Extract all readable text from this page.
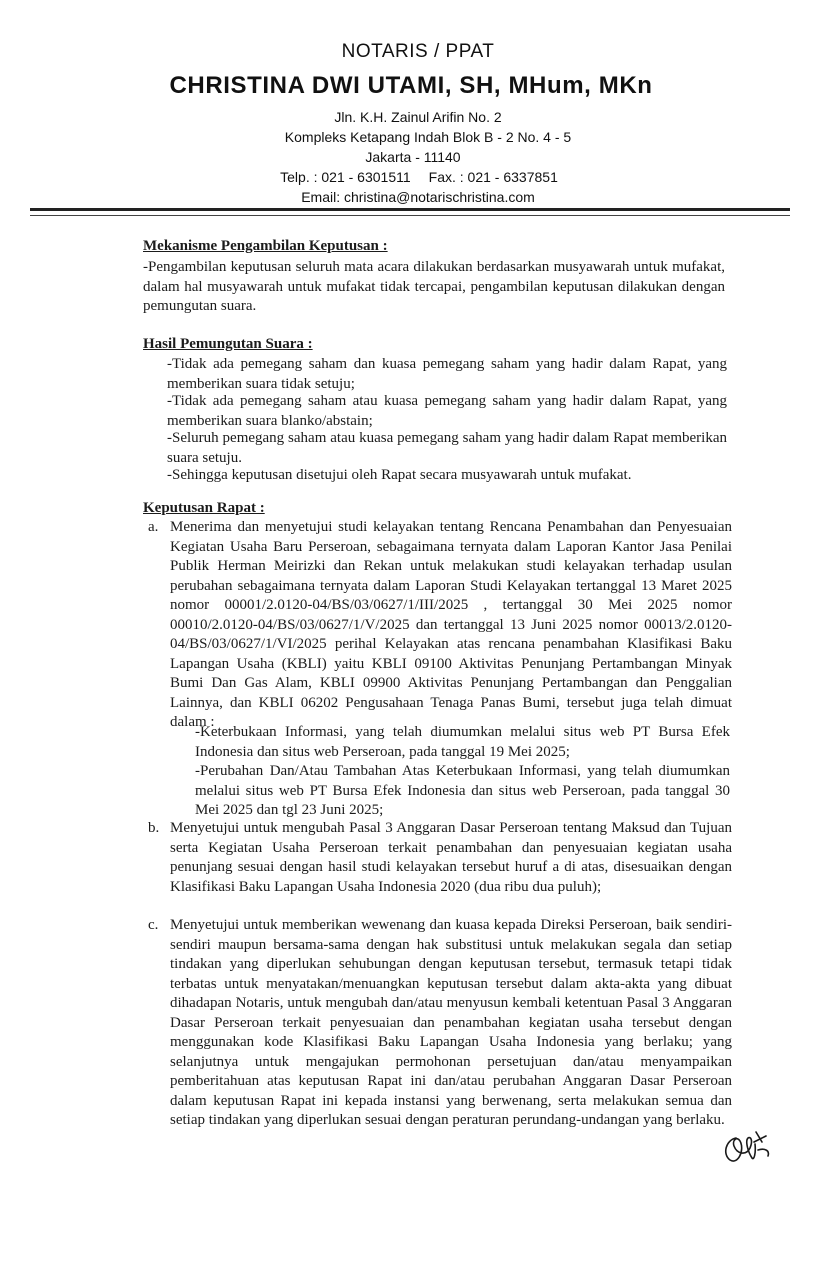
NOTARIS / PPAT
CHRISTINA DWI UTAMI, SH, MHum, MKn
Jln. K.H. Zainul Arifin No. 2
Kompleks Ketapang Indah Blok B - 2 No. 4 - 5
Jakarta - 11140
Telp. : 021 - 6301511 Fax. : 021 - 6337851
Email: christina@notarischristina.com
Mekanisme Pengambilan Keputusan :
-Pengambilan keputusan seluruh mata acara dilakukan berdasarkan musyawarah untuk mufakat, dalam hal musyawarah untuk mufakat tidak tercapai, pengambilan keputusan dilakukan dengan pemungutan suara.
Hasil Pemungutan Suara :
-Tidak ada pemegang saham dan kuasa pemegang saham yang hadir dalam Rapat, yang memberikan suara tidak setuju;
-Tidak ada pemegang saham atau kuasa pemegang saham yang hadir dalam Rapat, yang memberikan suara blanko/abstain;
-Seluruh pemegang saham atau kuasa pemegang saham yang hadir dalam Rapat memberikan suara setuju.
-Sehingga keputusan disetujui oleh Rapat secara musyawarah untuk mufakat.
Keputusan Rapat :
a. Menerima dan menyetujui studi kelayakan tentang Rencana Penambahan dan Penyesuaian Kegiatan Usaha Baru Perseroan, sebagaimana ternyata dalam Laporan Kantor Jasa Penilai Publik Herman Meirizki dan Rekan untuk melakukan studi kelayakan terhadap usulan perubahan sebagaimana ternyata dalam Laporan Studi Kelayakan tertanggal 13 Maret 2025 nomor 00001/2.0120-04/BS/03/0627/1/III/2025 , tertanggal 30 Mei 2025 nomor 00010/2.0120-04/BS/03/0627/1/V/2025 dan tertanggal 13 Juni 2025 nomor 00013/2.0120-04/BS/03/0627/1/VI/2025 perihal Kelayakan atas rencana penambahan Klasifikasi Baku Lapangan Usaha (KBLI) yaitu KBLI 09100 Aktivitas Penunjang Pertambangan Minyak Bumi Dan Gas Alam, KBLI 09900 Aktivitas Penunjang Pertambangan dan Penggalian Lainnya, dan KBLI 06202 Pengusahaan Tenaga Panas Bumi, tersebut juga telah dimuat dalam :
-Keterbukaan Informasi, yang telah diumumkan melalui situs web PT Bursa Efek Indonesia dan situs web Perseroan, pada tanggal 19 Mei 2025;
-Perubahan Dan/Atau Tambahan Atas Keterbukaan Informasi, yang telah diumumkan melalui situs web PT Bursa Efek Indonesia dan situs web Perseroan, pada tanggal 30 Mei 2025 dan tgl 23 Juni 2025;
b. Menyetujui untuk mengubah Pasal 3 Anggaran Dasar Perseroan tentang Maksud dan Tujuan serta Kegiatan Usaha Perseroan terkait penambahan dan penyesuaian kegiatan usaha penunjang sesuai dengan hasil studi kelayakan tersebut huruf a di atas, disesuaikan dengan Klasifikasi Baku Lapangan Usaha Indonesia 2020 (dua ribu dua puluh);
c. Menyetujui untuk memberikan wewenang dan kuasa kepada Direksi Perseroan, baik sendiri-sendiri maupun bersama-sama dengan hak substitusi untuk melakukan segala dan setiap tindakan yang diperlukan sehubungan dengan keputusan tersebut, termasuk tetapi tidak terbatas untuk menyatakan/menuangkan keputusan tersebut dalam akta-akta yang dibuat dihadapan Notaris, untuk mengubah dan/atau menyusun kembali ketentuan Pasal 3 Anggaran Dasar Perseroan terkait penyesuaian dan penambahan kegiatan usaha tersebut dengan menggunakan kode Klasifikasi Baku Lapangan Usaha Indonesia yang berlaku; yang selanjutnya untuk mengajukan permohonan persetujuan dan/atau menyampaikan pemberitahuan atas keputusan Rapat ini dan/atau perubahan Anggaran Dasar Perseroan dalam keputusan Rapat ini kepada instansi yang berwenang, serta melakukan semua dan setiap tindakan yang diperlukan sesuai dengan peraturan perundang-undangan yang berlaku.
